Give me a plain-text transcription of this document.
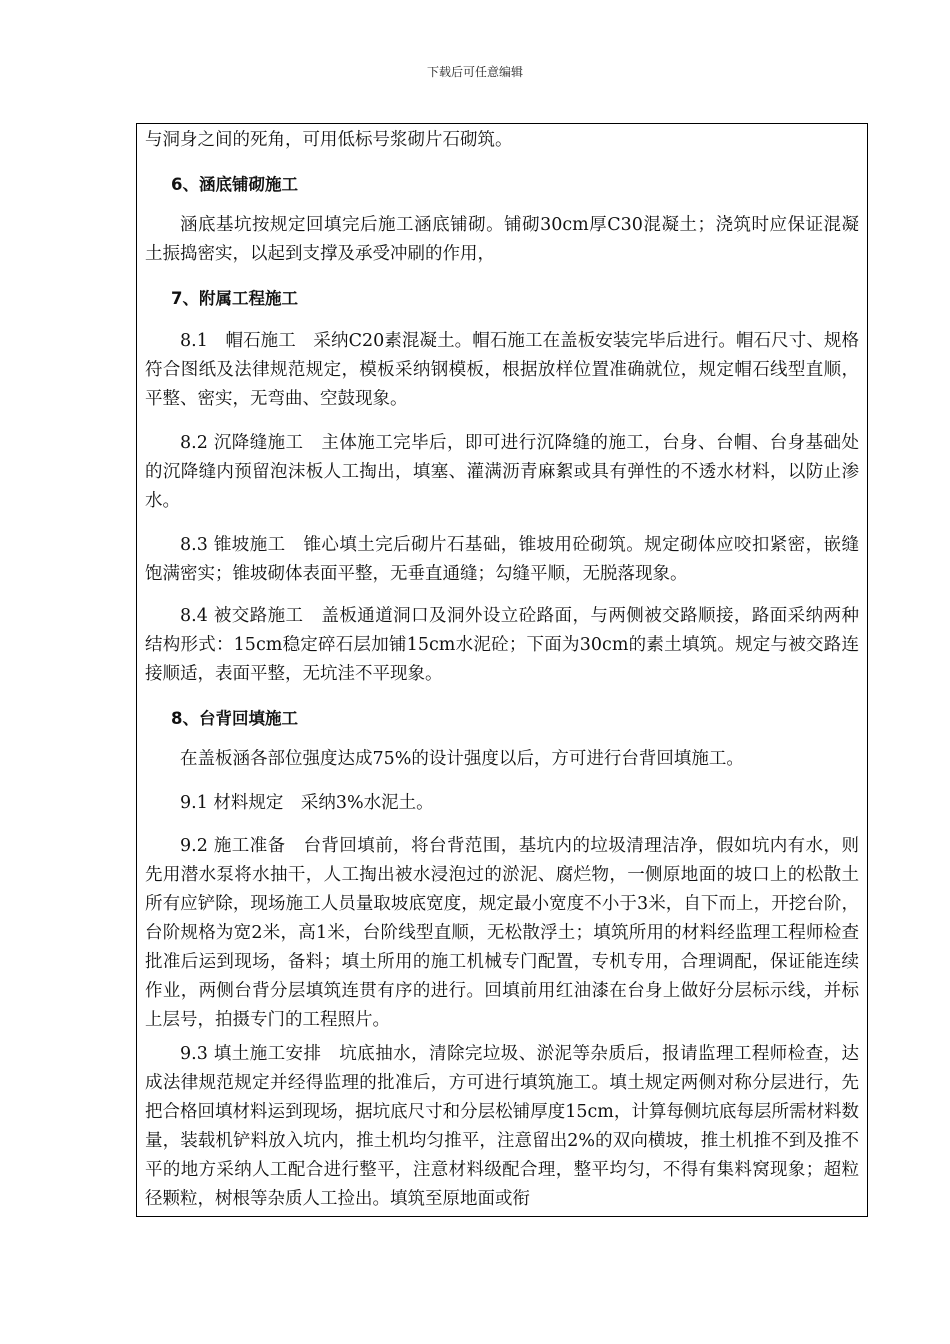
下载后可任意编辑
与洞身之间的死角，可用低标号浆砌片石砌筑。
6、涵底铺砌施工
涵底基坑按规定回填完后施工涵底铺砌。铺砌30cm厚C30混凝土；浇筑时应保证混凝土振捣密实，以起到支撑及承受冲刷的作用，
7、附属工程施工
8.1　帽石施工　采纳C20素混凝土。帽石施工在盖板安装完毕后进行。帽石尺寸、规格符合图纸及法律规范规定，模板采纳钢模板，根据放样位置准确就位，规定帽石线型直顺，平整、密实，无弯曲、空鼓现象。
8.2 沉降缝施工　主体施工完毕后，即可进行沉降缝的施工，台身、台帽、台身基础处的沉降缝内预留泡沫板人工掏出，填塞、灌满沥青麻絮或具有弹性的不透水材料，以防止渗水。
8.3 锥坡施工　锥心填土完后砌片石基础，锥坡用砼砌筑。规定砌体应咬扣紧密，嵌缝饱满密实；锥坡砌体表面平整，无垂直通缝；勾缝平顺，无脱落现象。
8.4 被交路施工　盖板通道洞口及洞外设立砼路面，与两侧被交路顺接，路面采纳两种结构形式：15cm稳定碎石层加铺15cm水泥砼；下面为30cm的素土填筑。规定与被交路连接顺适，表面平整，无坑洼不平现象。
8、台背回填施工
在盖板涵各部位强度达成75%的设计强度以后，方可进行台背回填施工。
9.1 材料规定　采纳3%水泥土。
9.2 施工准备　台背回填前，将台背范围，基坑内的垃圾清理洁净，假如坑内有水，则先用潜水泵将水抽干，人工掏出被水浸泡过的淤泥、腐烂物，一侧原地面的坡口上的松散土所有应铲除，现场施工人员量取坡底宽度，规定最小宽度不小于3米，自下而上，开挖台阶，台阶规格为宽2米，高1米，台阶线型直顺，无松散浮土；填筑所用的材料经监理工程师检查批准后运到现场，备料；填土所用的施工机械专门配置，专机专用，合理调配，保证能连续作业，两侧台背分层填筑连贯有序的进行。回填前用红油漆在台身上做好分层标示线，并标上层号，拍摄专门的工程照片。
9.3 填土施工安排　坑底抽水，清除完垃圾、淤泥等杂质后，报请监理工程师检查，达成法律规范规定并经得监理的批准后，方可进行填筑施工。填土规定两侧对称分层进行，先把合格回填材料运到现场，据坑底尺寸和分层松铺厚度15cm，计算每侧坑底每层所需材料数量，装载机铲料放入坑内，推土机均匀推平，注意留出2%的双向横坡，推土机推不到及推不平的地方采纳人工配合进行整平，注意材料级配合理，整平均匀，不得有集料窝现象；超粒径颗粒，树根等杂质人工捡出。填筑至原地面或衔
